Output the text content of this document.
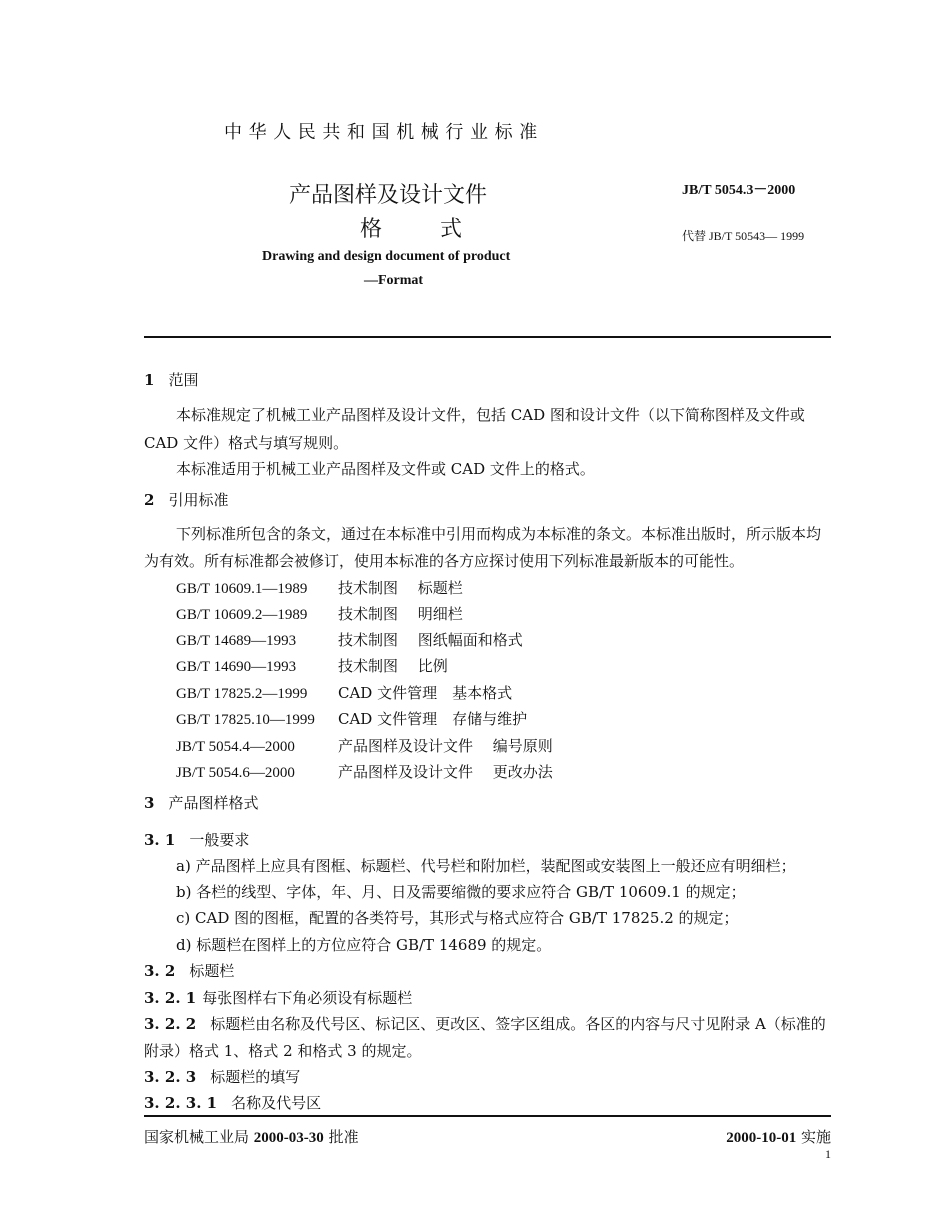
中华人民共和国机械行业标准
产品图样及设计文件
格　式
Drawing and design document of product
—Format
JB/T 5054.3－2000
代替 JB/T 50543— 1999
1 范围
本标准规定了机械工业产品图样及设计文件，包括 CAD 图和设计文件（以下简称图样及文件或
CAD 文件）格式与填写规则。
本标准适用于机械工业产品图样及文件或 CAD 文件上的格式。
2 引用标准
下列标准所包含的条文，通过在本标准中引用而构成为本标准的条文。本标准出版时，所示版本均
为有效。所有标准都会被修订，使用本标准的各方应探讨使用下列标准最新版本的可能性。
GB/T 10609.1—1989 技术制图　 标题栏
GB/T 10609.2—1989 技术制图　 明细栏
GB/T 14689—1993	技术制图　 图纸幅面和格式
GB/T 14690—1993	技术制图　 比例
GB/T 17825.2—1999 CAD 文件管理　基本格式
GB/T 17825.10—1999 CAD 文件管理　存储与维护
JB/T 5054.4—2000	产品图样及设计文件　 编号原则
JB/T 5054.6—2000	产品图样及设计文件　 更改办法
3 产品图样格式
3. 1 一般要求
a) 产品图样上应具有图框、标题栏、代号栏和附加栏，装配图或安装图上一般还应有明细栏；
b) 各栏的线型、字体，年、月、日及需要缩微的要求应符合 GB/T 10609.1 的规定；
c) CAD 图的图框，配置的各类符号，其形式与格式应符合 GB/T 17825.2 的规定；
d) 标题栏在图样上的方位应符合 GB/T 14689 的规定。
3. 2 标题栏
3. 2. 1 每张图样右下角必须设有标题栏
3. 2. 2 标题栏由名称及代号区、标记区、更改区、签字区组成。各区的内容与尺寸见附录 A（标准的
附录）格式 1、格式 2 和格式 3 的规定。
3. 2. 3 标题栏的填写
3. 2. 3. 1 名称及代号区
国家机械工业局 2000-03-30 批准	2000-10-01 实施
1
